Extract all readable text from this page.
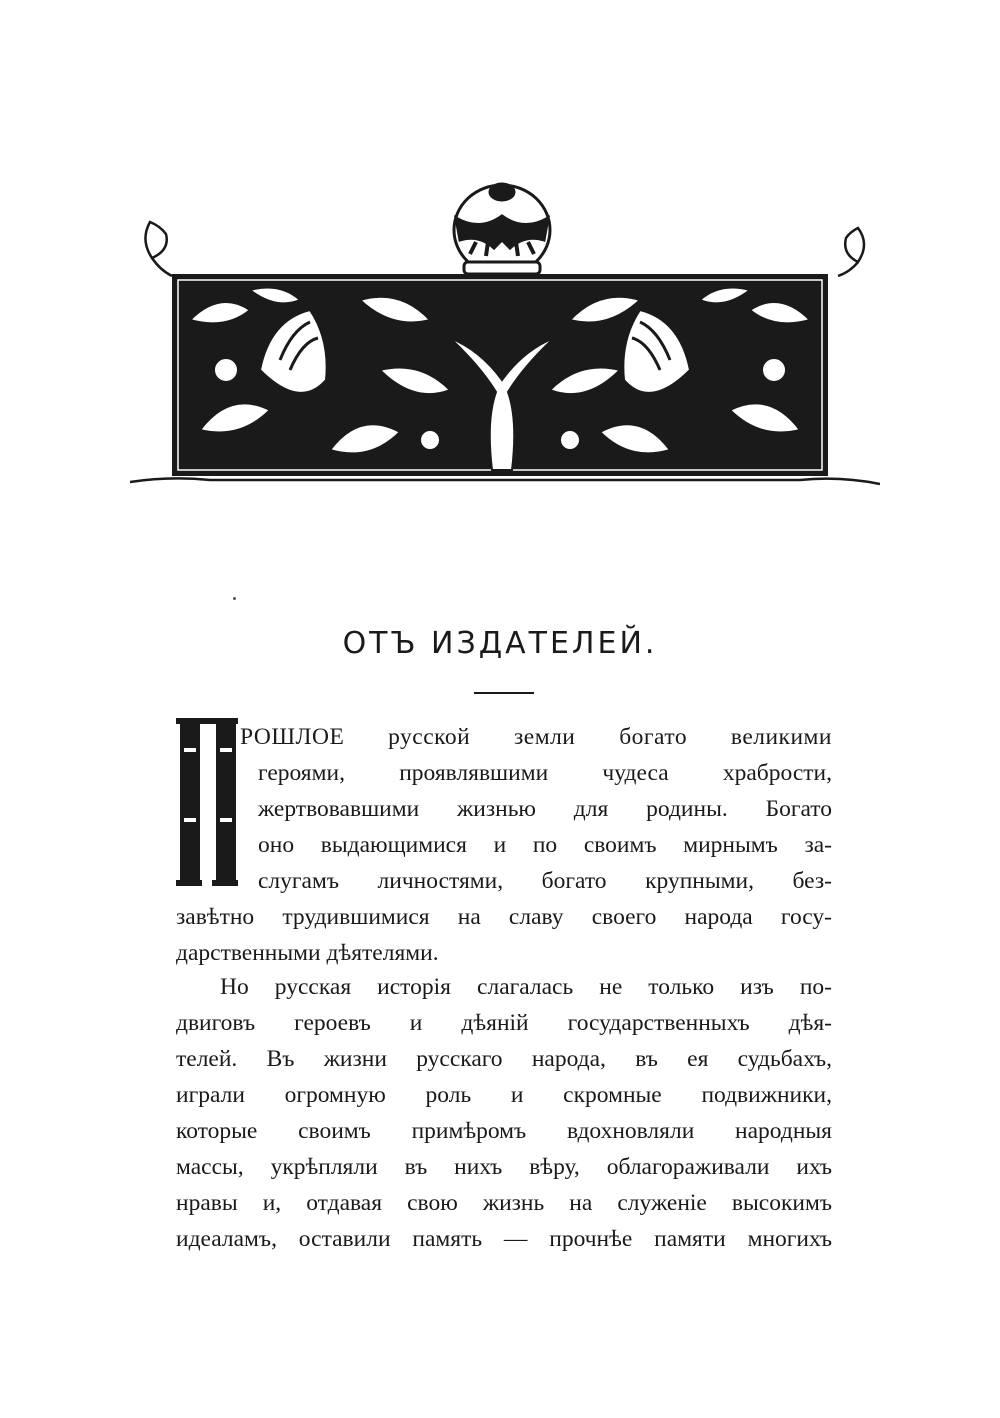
ОТЪ ИЗДАТЕЛЕЙ.
РОШЛОЕ русской земли богато великими
героями, проявлявшими чудеса храбрости,
жертвовавшими жизнью для родины. Богато
оно выдающимися и по своимъ мирнымъ за-
слугамъ личностями, богато крупными, без-
завѣтно трудившимися на славу своего народа госу-
дарственными дѣятелями.
Но русская исторія слагалась не только изъ по-
двиговъ героевъ и дѣяній государственныхъ дѣя-
телей. Въ жизни русскаго народа, въ ея судьбахъ,
играли огромную роль и скромные подвижники,
которые своимъ примѣромъ вдохновляли народныя
массы, укрѣпляли въ нихъ вѣру, облагораживали ихъ
нравы и, отдавая свою жизнь на служеніе высокимъ
идеаламъ, оставили память — прочнѣе памяти многихъ
